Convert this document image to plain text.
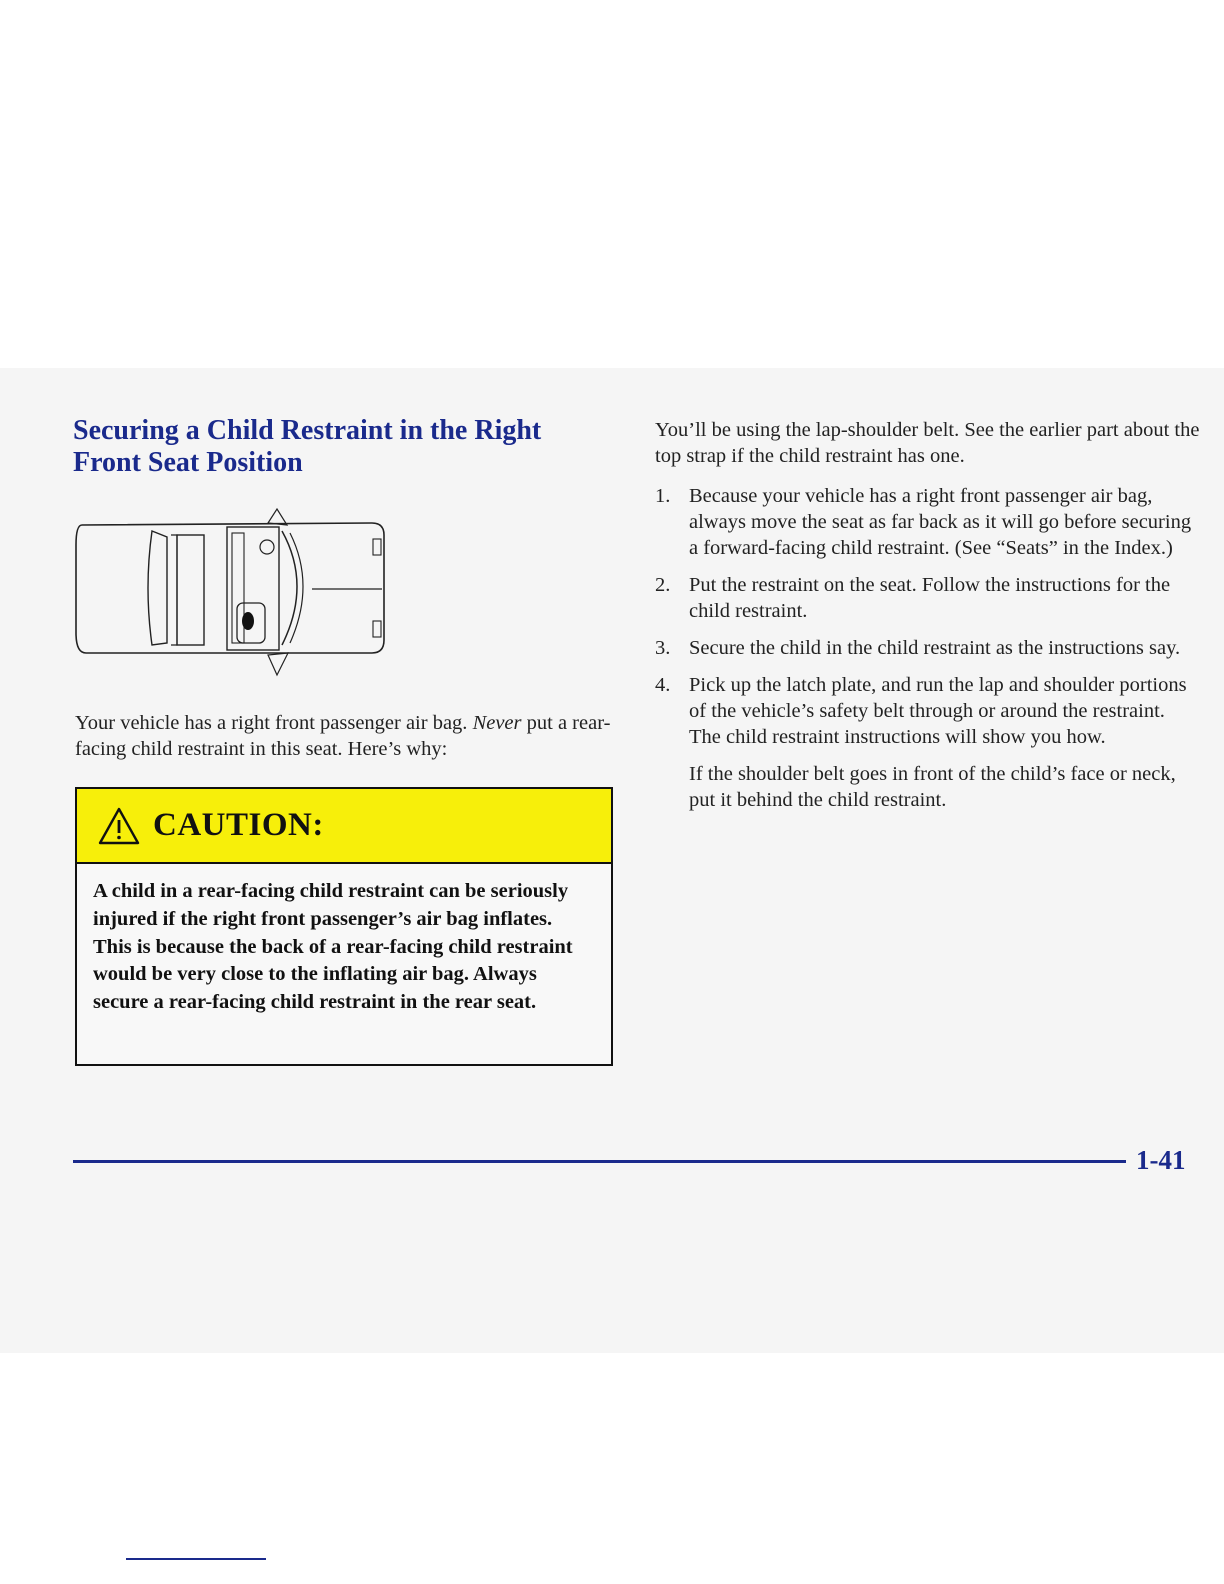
Securing a Child Restraint in the Right Front Seat Position

Your vehicle has a right front passenger air bag. Never put a rear-facing child restraint in this seat. Here’s why:

CAUTION:

A child in a rear-facing child restraint can be seriously injured if the right front passenger’s air bag inflates. This is because the back of a rear-facing child restraint would be very close to the inflating air bag. Always secure a rear-facing child restraint in the rear seat.

You’ll be using the lap-shoulder belt. See the earlier part about the top strap if the child restraint has one.

1. Because your vehicle has a right front passenger air bag, always move the seat as far back as it will go before securing a forward-facing child restraint. (See “Seats” in the Index.)
2. Put the restraint on the seat. Follow the instructions for the child restraint.
3. Secure the child in the child restraint as the instructions say.
4. Pick up the latch plate, and run the lap and shoulder portions of the vehicle’s safety belt through or around the restraint. The child restraint instructions will show you how.

If the shoulder belt goes in front of the child’s face or neck, put it behind the child restraint.

1-41
